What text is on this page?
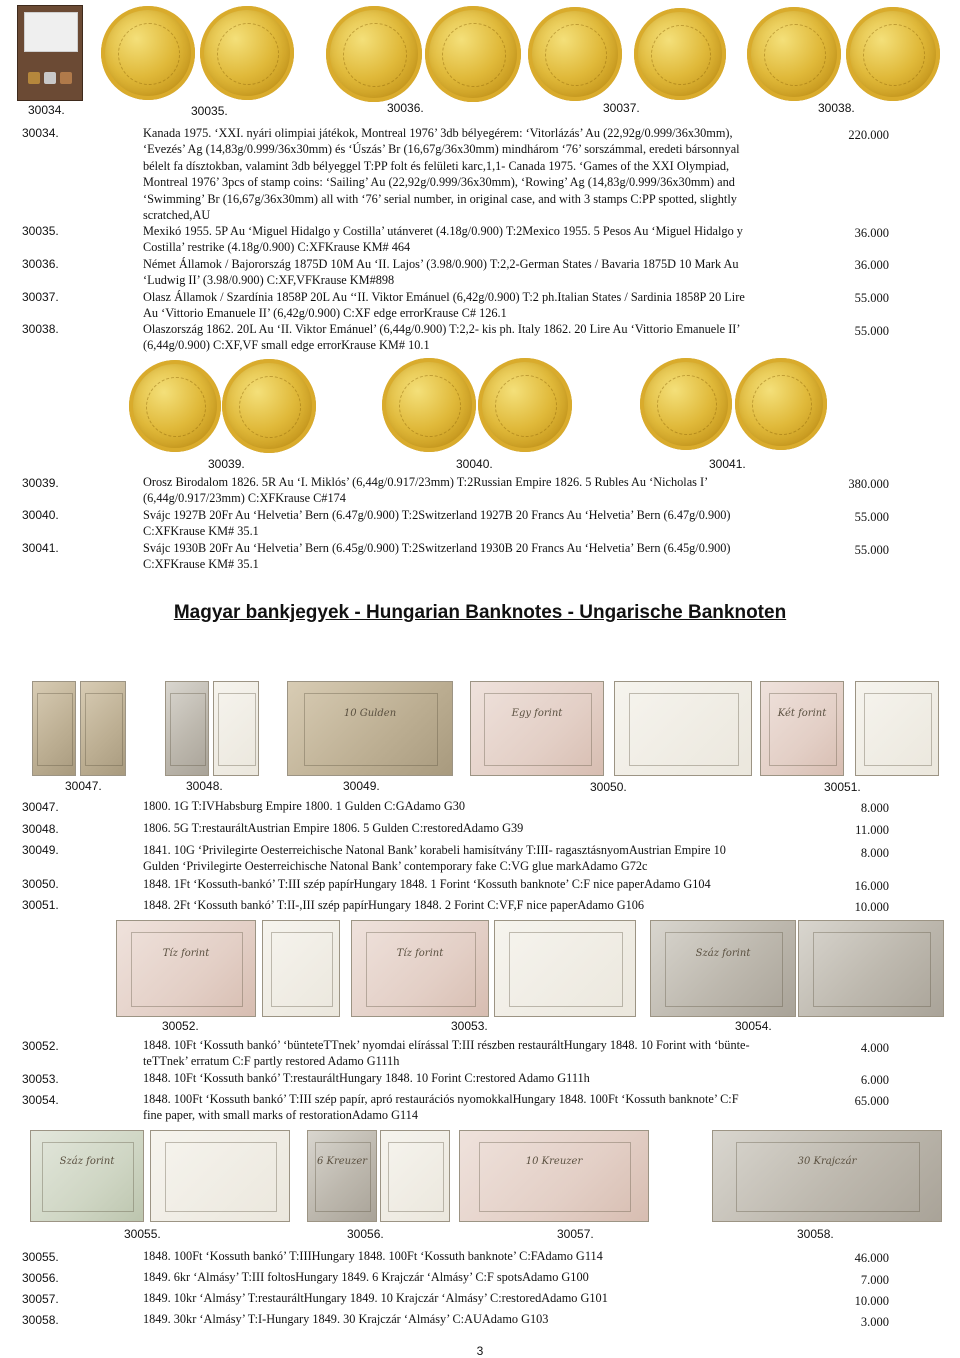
30034.	30035.	30036.	30037.	30038.
30034.	Kanada 1975. ‘XXI. nyári olimpiai játékok, Montreal 1976’ 3db bélyegérem: ‘Vitorlázás’ Au (22,92g/0.999/36x30mm),
‘Evezés’ Ag (14,83g/0.999/36x30mm) és ‘Úszás’ Br (16,67g/36x30mm) mindhárom ‘76’ sorszámmal, eredeti bársonnyal
bélelt fa dísztokban, valamint 3db bélyeggel T:PP folt és felületi karc,1,1- Canada 1975. ‘Games of the XXI Olympiad,
Montreal 1976’ 3pcs of stamp coins: ‘Sailing’ Au (22,92g/0.999/36x30mm), ‘Rowing’ Ag (14,83g/0.999/36x30mm) and
‘Swimming’ Br (16,67g/36x30mm) all with ‘76’ serial number, in original case, and with 3 stamps C:PP spotted, slightly
scratched,AU
220.000
30035.	Mexikó 1955. 5P Au ‘Miguel Hidalgo y Costilla’ utánveret (4.18g/0.900) T:2Mexico 1955. 5 Pesos Au ‘Miguel Hidalgo y
Costilla’ restrike (4.18g/0.900) C:XFKrause KM# 464
36.000
30036.	Német Államok / Bajorország 1875D 10M Au ‘II. Lajos’ (3.98/0.900) T:2,2-German States / Bavaria 1875D 10 Mark Au
‘Ludwig II’ (3.98/0.900) C:XF,VFKrause KM#898
36.000
30037.	Olasz Államok / Szardínia 1858P 20L Au ‘‘II. Viktor Emánuel (6,42g/0.900) T:2 ph.Italian States / Sardinia 1858P 20 Lire
Au ‘Vittorio Emanuele II’ (6,42g/0.900) C:XF edge errorKrause C# 126.1
55.000
30038.	Olaszország 1862. 20L Au ‘II. Viktor Emánuel’ (6,44g/0.900) T:2,2- kis ph. Italy 1862. 20 Lire Au ‘Vittorio Emanuele II’
(6,44g/0.900) C:XF,VF small edge errorKrause KM# 10.1
55.000
30039.	30040.	30041.
30039.	Orosz Birodalom 1826. 5R Au ‘I. Miklós’ (6,44g/0.917/23mm) T:2Russian Empire 1826. 5 Rubles Au ‘Nicholas I’
(6,44g/0.917/23mm) C:XFKrause C#174
380.000
30040.	Svájc 1927B 20Fr Au ‘Helvetia’ Bern (6.47g/0.900) T:2Switzerland 1927B 20 Francs Au ‘Helvetia’ Bern (6.47g/0.900)
C:XFKrause KM# 35.1
55.000
30041.	Svájc 1930B 20Fr Au ‘Helvetia’ Bern (6.45g/0.900) T:2Switzerland 1930B 20 Francs Au ‘Helvetia’ Bern (6.45g/0.900)
C:XFKrause KM# 35.1
55.000
Magyar bankjegyek - Hungarian Banknotes - Ungarische Banknoten
10 Gulden	Egy forint	Két forint
30047.	30048.	30049.	30050.	30051.
30047.	1800. 1G T:IVHabsburg Empire 1800. 1 Gulden C:GAdamo G30	8.000
30048.	1806. 5G T:restauráltAustrian Empire 1806. 5 Gulden C:restoredAdamo G39	11.000
30049.	1841. 10G ‘Privilegirte Oesterreichische Natonal Bank’ korabeli hamisítvány T:III- ragasztásnyomAustrian Empire 10
Gulden ‘Privilegirte Oesterreichische Natonal Bank’ contemporary fake C:VG glue markAdamo G72c
8.000
30050.	1848. 1Ft ‘Kossuth-bankó’ T:III szép papírHungary 1848. 1 Forint ‘Kossuth banknote’ C:F nice paperAdamo G104	16.000
30051.	1848. 2Ft ‘Kossuth bankó’ T:II-,III szép papírHungary 1848. 2 Forint C:VF,F nice paperAdamo G106	10.000
Tíz forint	Tíz forint	Száz forint
30052.	30053.	30054.
30052.	1848. 10Ft ‘Kossuth bankó’ ‘bünteteTTnek’ nyomdai elírással T:III részben restauráltHungary 1848. 10 Forint with ‘bünte-
teTTnek’ erratum C:F partly restored Adamo G111h
4.000
30053.	1848. 10Ft ‘Kossuth bankó’ T:restauráltHungary 1848. 10 Forint C:restored Adamo G111h	6.000
30054.	1848. 100Ft ‘Kossuth bankó’ T:III szép papír, apró restaurációs nyomokkalHungary 1848. 100Ft ‘Kossuth banknote’ C:F
fine paper, with small marks of restorationAdamo G114
65.000
Száz forint	6 Kreuzer	10 Kreuzer	30 Krajczár
30055.	30056.	30057.	30058.
30055.	1848. 100Ft ‘Kossuth bankó’ T:IIIHungary 1848. 100Ft ‘Kossuth banknote’ C:FAdamo G114	46.000
30056.	1849. 6kr ‘Almásy’ T:III foltosHungary 1849. 6 Krajczár ‘Almásy’ C:F spotsAdamo G100	7.000
30057.	1849. 10kr ‘Almásy’ T:restauráltHungary 1849. 10 Krajczár ‘Almásy’ C:restoredAdamo G101	10.000
30058.	1849. 30kr ‘Almásy’ T:I-Hungary 1849. 30 Krajczár ‘Almásy’ C:AUAdamo G103	3.000
3
